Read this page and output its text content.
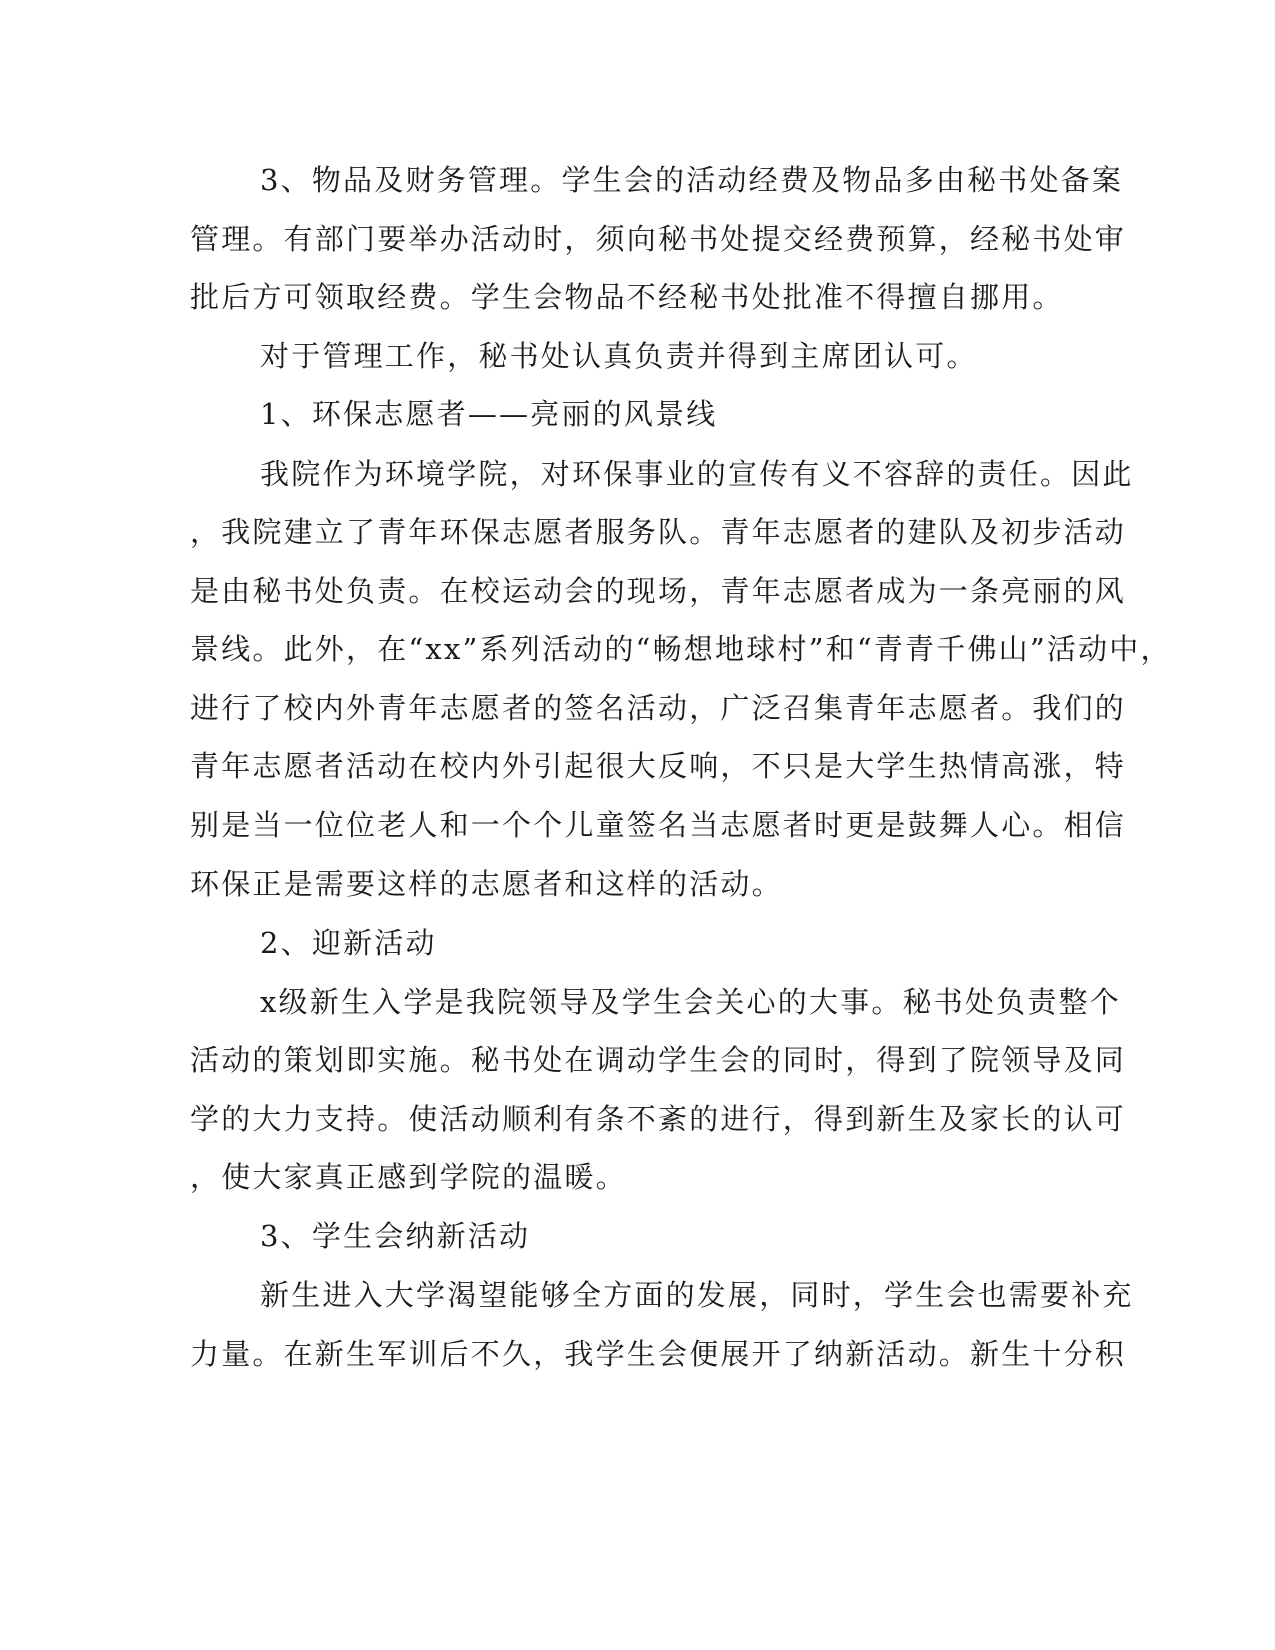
3、物品及财务管理。学生会的活动经费及物品多由秘书处备案
管理。有部门要举办活动时，须向秘书处提交经费预算，经秘书处审
批后方可领取经费。学生会物品不经秘书处批准不得擅自挪用。
对于管理工作，秘书处认真负责并得到主席团认可。
1、环保志愿者——亮丽的风景线
我院作为环境学院，对环保事业的宣传有义不容辞的责任。因此
，我院建立了青年环保志愿者服务队。青年志愿者的建队及初步活动
是由秘书处负责。在校运动会的现场，青年志愿者成为一条亮丽的风
景线。此外，在“xx”系列活动的“畅想地球村”和“青青千佛山”活动中，
进行了校内外青年志愿者的签名活动，广泛召集青年志愿者。我们的
青年志愿者活动在校内外引起很大反响，不只是大学生热情高涨，特
别是当一位位老人和一个个儿童签名当志愿者时更是鼓舞人心。相信
环保正是需要这样的志愿者和这样的活动。
2、迎新活动
x级新生入学是我院领导及学生会关心的大事。秘书处负责整个
活动的策划即实施。秘书处在调动学生会的同时，得到了院领导及同
学的大力支持。使活动顺利有条不紊的进行，得到新生及家长的认可
，使大家真正感到学院的温暖。
3、学生会纳新活动
新生进入大学渴望能够全方面的发展，同时，学生会也需要补充
力量。在新生军训后不久，我学生会便展开了纳新活动。新生十分积
